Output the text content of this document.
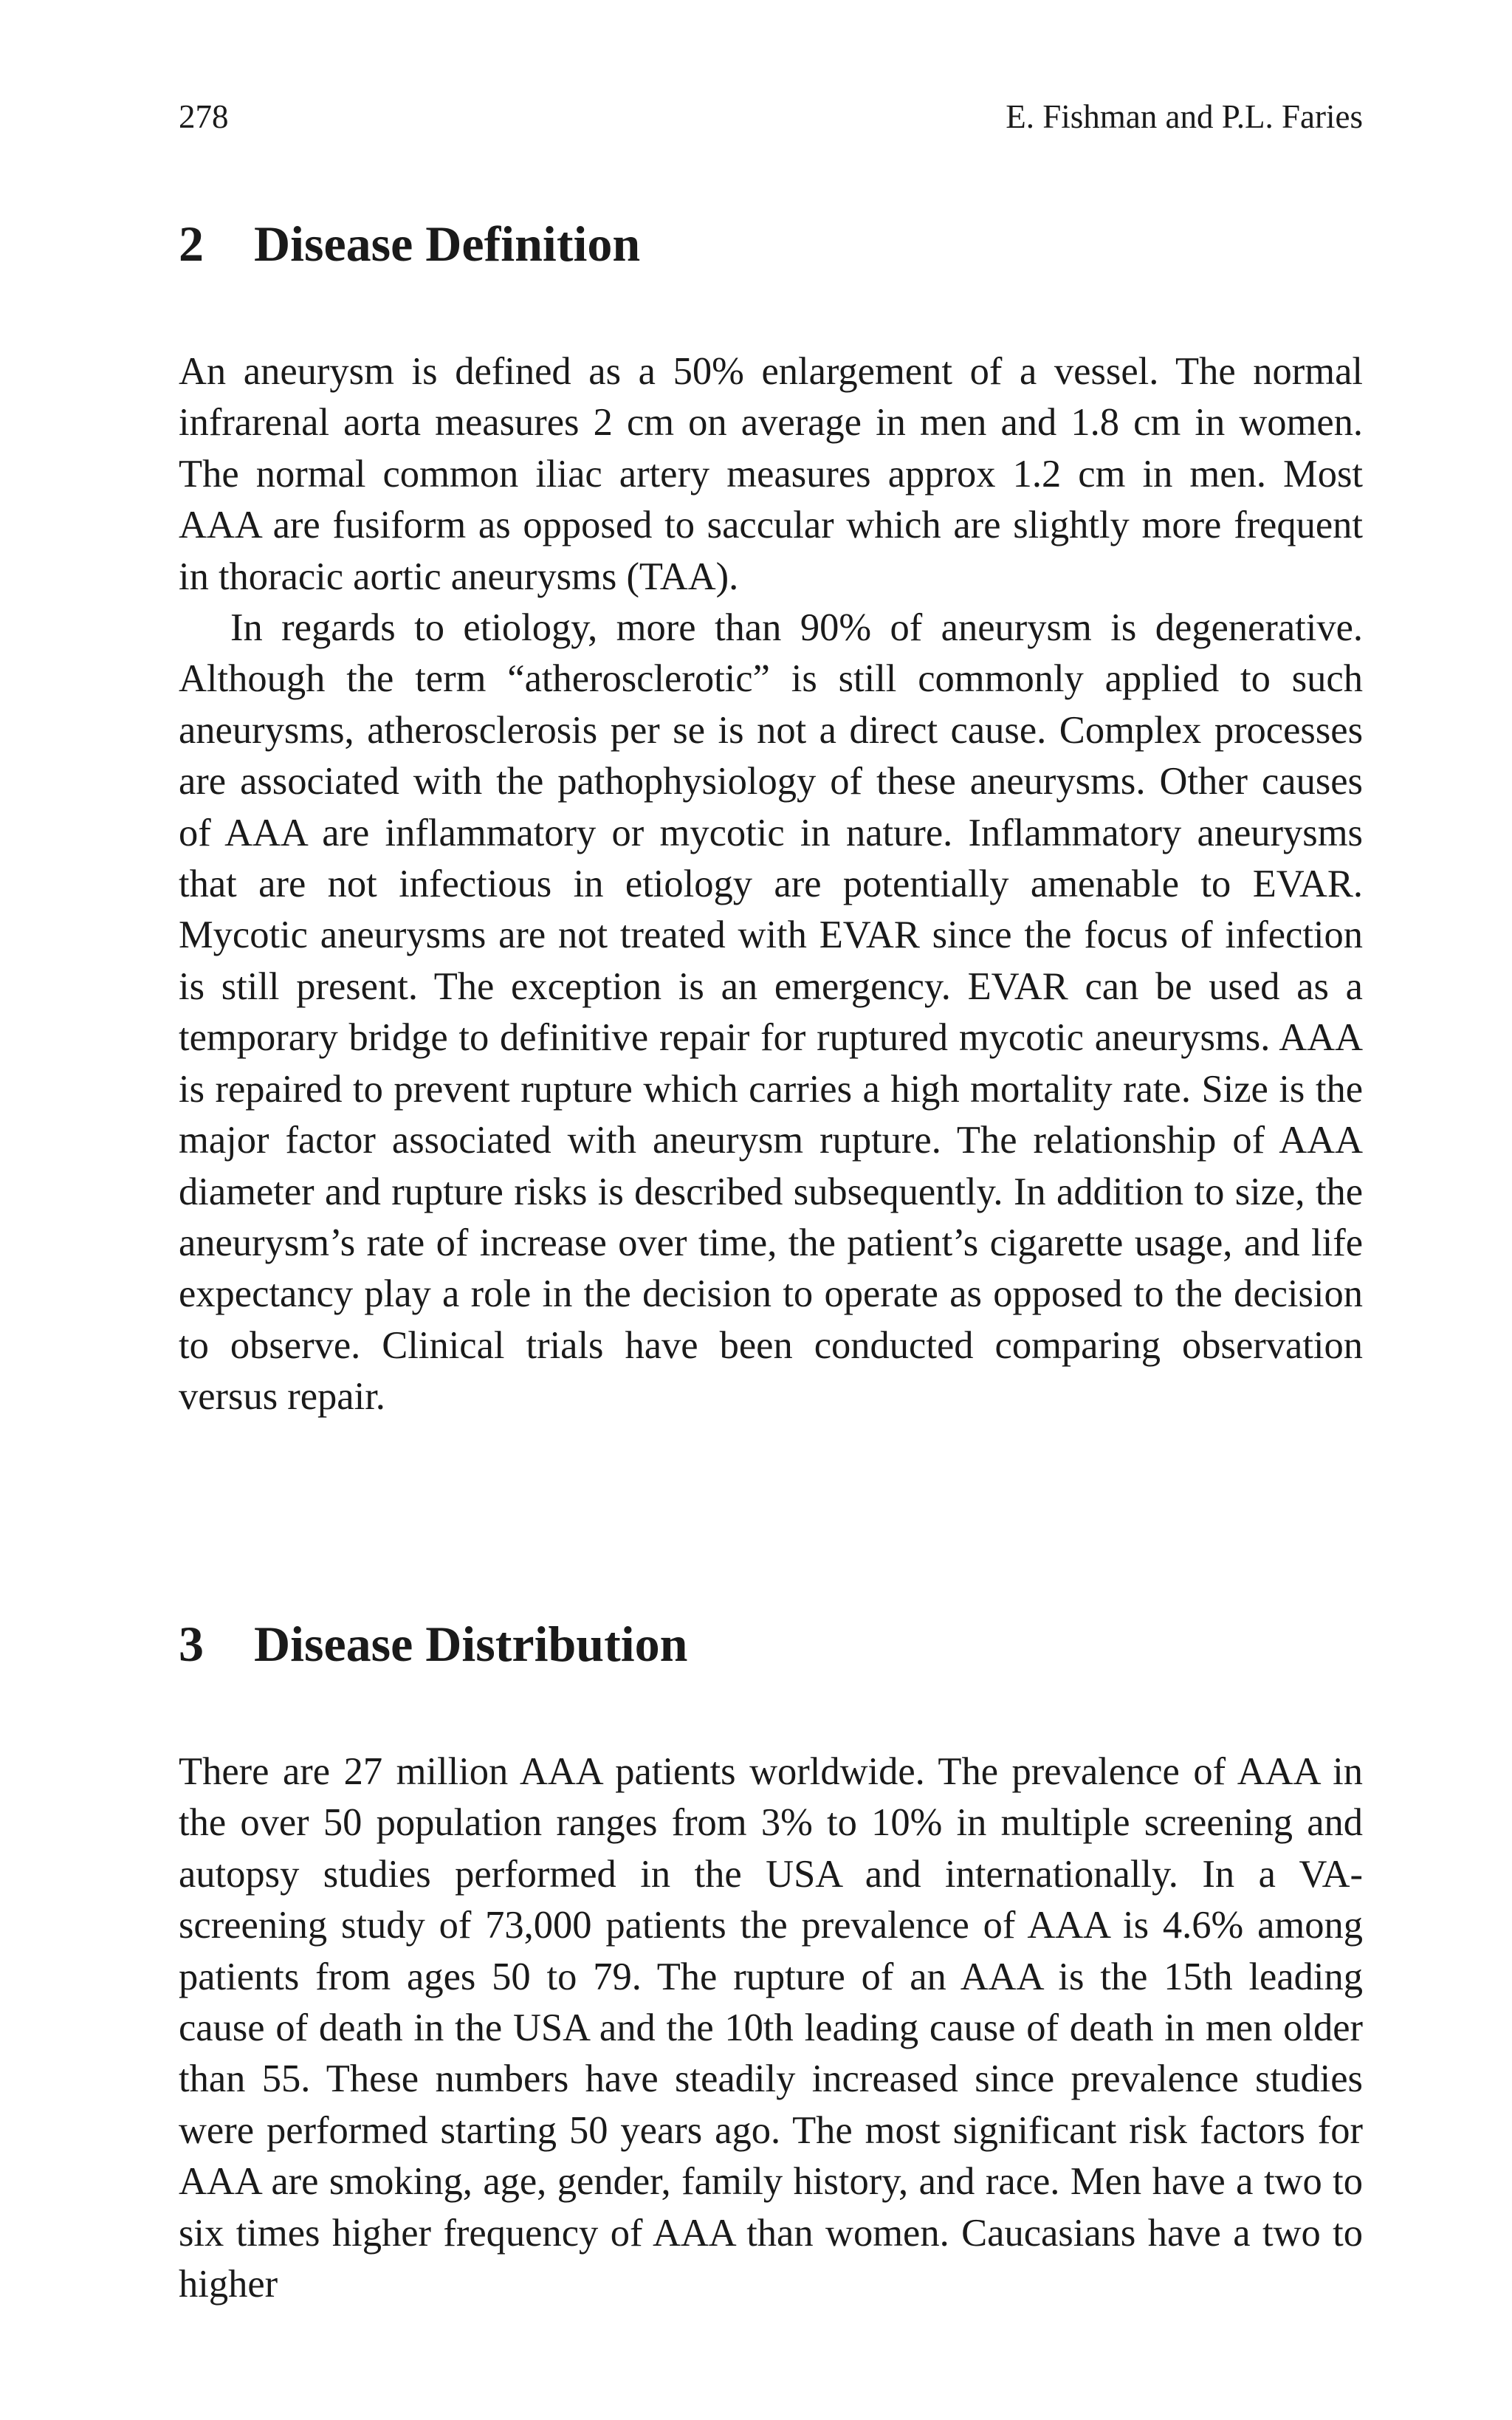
278	E. Fishman and P.L. Faries
2 Disease Definition

An aneurysm is defined as a 50% enlargement of a vessel. The normal infrarenal aorta measures 2 cm on average in men and 1.8 cm in women. The normal common iliac artery measures approx 1.2 cm in men. Most AAA are fusiform as opposed to saccular which are slightly more frequent in thoracic aortic aneurysms (TAA).

In regards to etiology, more than 90% of aneurysm is degenerative. Although the term “atherosclerotic” is still commonly applied to such aneurysms, atherosclerosis per se is not a direct cause. Complex processes are associated with the pathophysiology of these aneurysms. Other causes of AAA are inflammatory or mycotic in nature. Inflammatory aneurysms that are not infectious in etiology are potentially amenable to EVAR. Mycotic aneurysms are not treated with EVAR since the focus of infection is still present. The exception is an emergency. EVAR can be used as a temporary bridge to definitive repair for ruptured mycotic aneurysms. AAA is repaired to prevent rupture which carries a high mortality rate. Size is the major factor associated with aneurysm rupture. The relationship of AAA diameter and rupture risks is described subsequently. In addition to size, the aneurysm’s rate of increase over time, the patient’s cigarette usage, and life expectancy play a role in the decision to operate as opposed to the decision to observe. Clinical trials have been conducted comparing observation versus repair.

3 Disease Distribution

There are 27 million AAA patients worldwide. The prevalence of AAA in the over 50 population ranges from 3% to 10% in multiple screening and autopsy studies performed in the USA and internationally. In a VA-screening study of 73,000 patients the prevalence of AAA is 4.6% among patients from ages 50 to 79. The rupture of an AAA is the 15th leading cause of death in the USA and the 10th leading cause of death in men older than 55. These numbers have steadily increased since prevalence studies were performed starting 50 years ago. The most significant risk factors for AAA are smoking, age, gender, family history, and race. Men have a two to six times higher frequency of AAA than women. Caucasians have a two to higher
